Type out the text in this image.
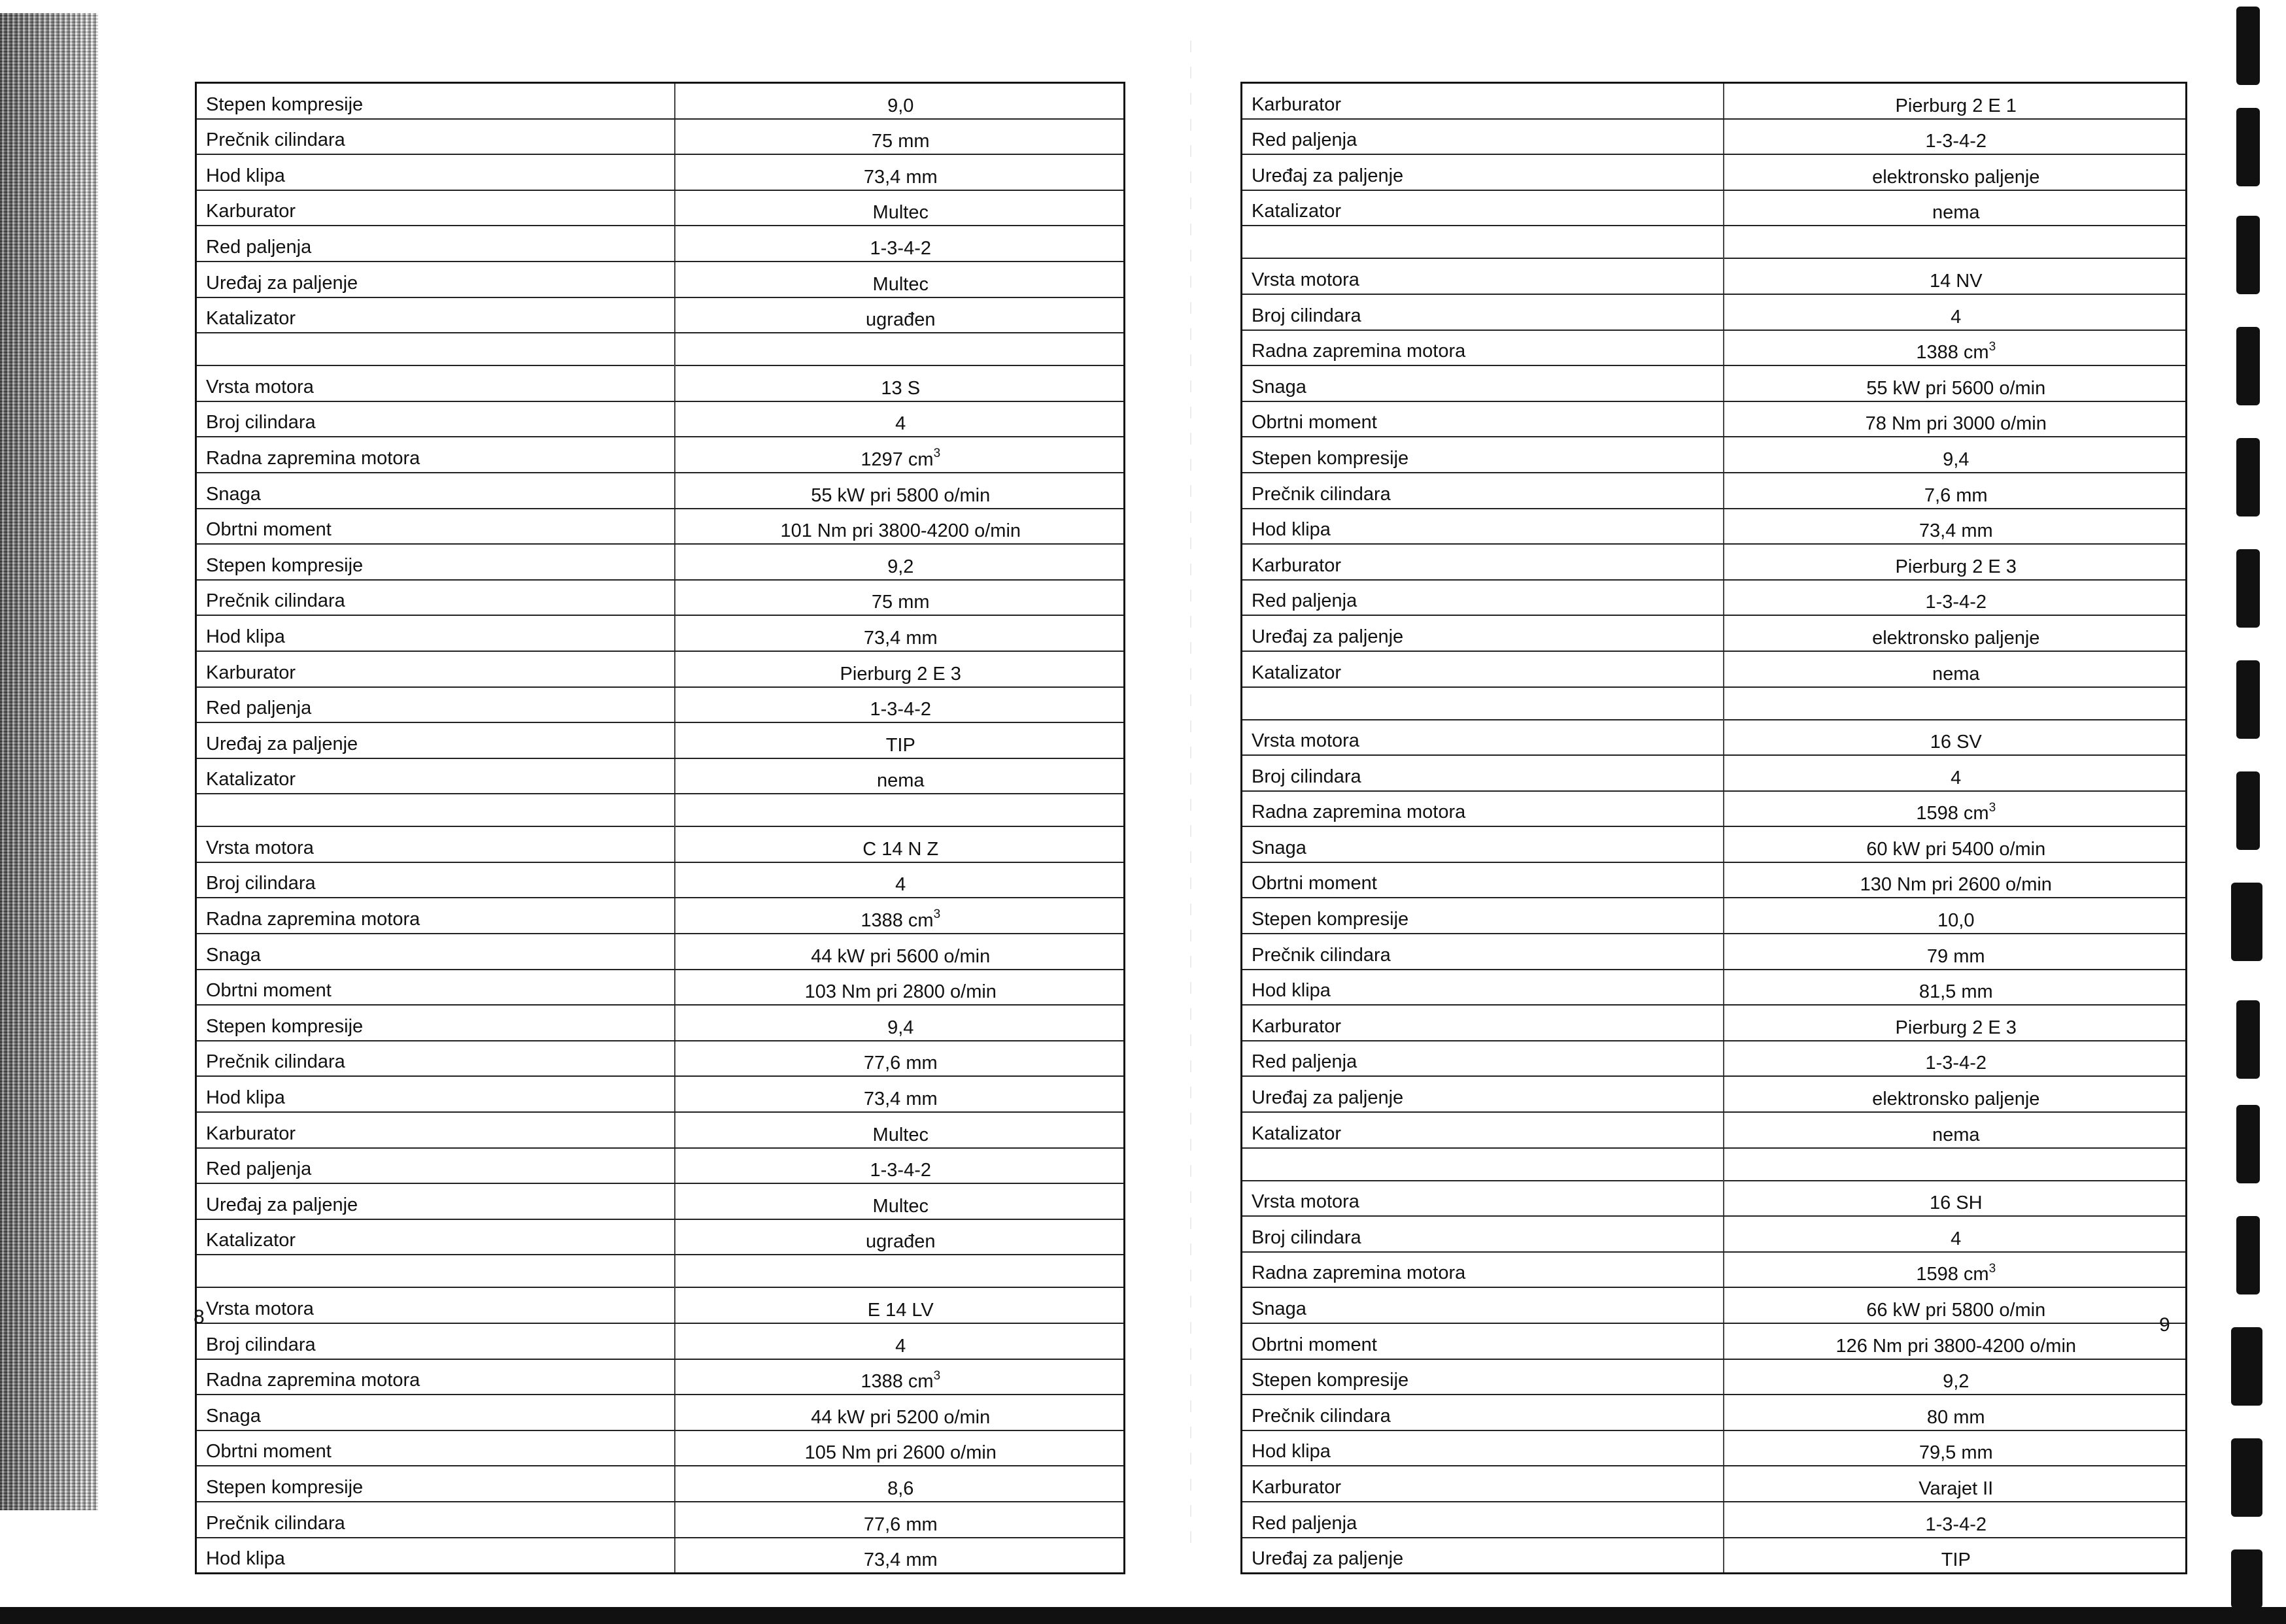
Stepen kompresije	9,0
Prečnik cilindara	75 mm
Hod klipa	73,4 mm
Karburator	Multec
Red paljenja	1-3-4-2
Uređaj za paljenje	Multec
Katalizator	ugrađen

Vrsta motora	13 S
Broj cilindara	4
Radna zapremina motora	1297 $cm^3$
Snaga	55 kW pri 5800 o/min
Obrtni moment	101 Nm pri 3800-4200 o/min
Stepen kompresije	9,2
Prečnik cilindara	75 mm
Hod klipa	73,4 mm
Karburator	Pierburg 2 E 3
Red paljenja	1-3-4-2
Uređaj za paljenje	TIP
Katalizator	nema

Vrsta motora	C 14 N Z
Broj cilindara	4
Radna zapremina motora	1388 $cm^3$
Snaga	44 kW pri 5600 o/min
Obrtni moment	103 Nm pri 2800 o/min
Stepen kompresije	9,4
Prečnik cilindara	77,6 mm
Hod klipa	73,4 mm
Karburator	Multec
Red paljenja	1-3-4-2
Uređaj za paljenje	Multec
Katalizator	ugrađen

Vrsta motora	E 14 LV
Broj cilindara	4
Radna zapremina motora	1388 $cm^3$
Snaga	44 kW pri 5200 o/min
Obrtni moment	105 Nm pri 2600 o/min
Stepen kompresije	8,6
Prečnik cilindara	77,6 mm
Hod klipa	73,4 mm
8
Karburator	Pierburg 2 E 1
Red paljenja	1-3-4-2
Uređaj za paljenje	elektronsko paljenje
Katalizator	nema

Vrsta motora	14 NV
Broj cilindara	4
Radna zapremina motora	1388 $cm^3$
Snaga	55 kW pri 5600 o/min
Obrtni moment	78 Nm pri 3000 o/min
Stepen kompresije	9,4
Prečnik cilindara	7,6 mm
Hod klipa	73,4 mm
Karburator	Pierburg 2 E 3
Red paljenja	1-3-4-2
Uređaj za paljenje	elektronsko paljenje
Katalizator	nema

Vrsta motora	16 SV
Broj cilindara	4
Radna zapremina motora	1598 $cm^3$
Snaga	60 kW pri 5400 o/min
Obrtni moment	130 Nm pri 2600 o/min
Stepen kompresije	10,0
Prečnik cilindara	79 mm
Hod klipa	81,5 mm
Karburator	Pierburg 2 E 3
Red paljenja	1-3-4-2
Uređaj za paljenje	elektronsko paljenje
Katalizator	nema

Vrsta motora	16 SH
Broj cilindara	4
Radna zapremina motora	1598 $cm^3$
Snaga	66 kW pri 5800 o/min
Obrtni moment	126 Nm pri 3800-4200 o/min
Stepen kompresije	9,2
Prečnik cilindara	80 mm
Hod klipa	79,5 mm
Karburator	Varajet II
Red paljenja	1-3-4-2
Uređaj za paljenje	TIP
9
